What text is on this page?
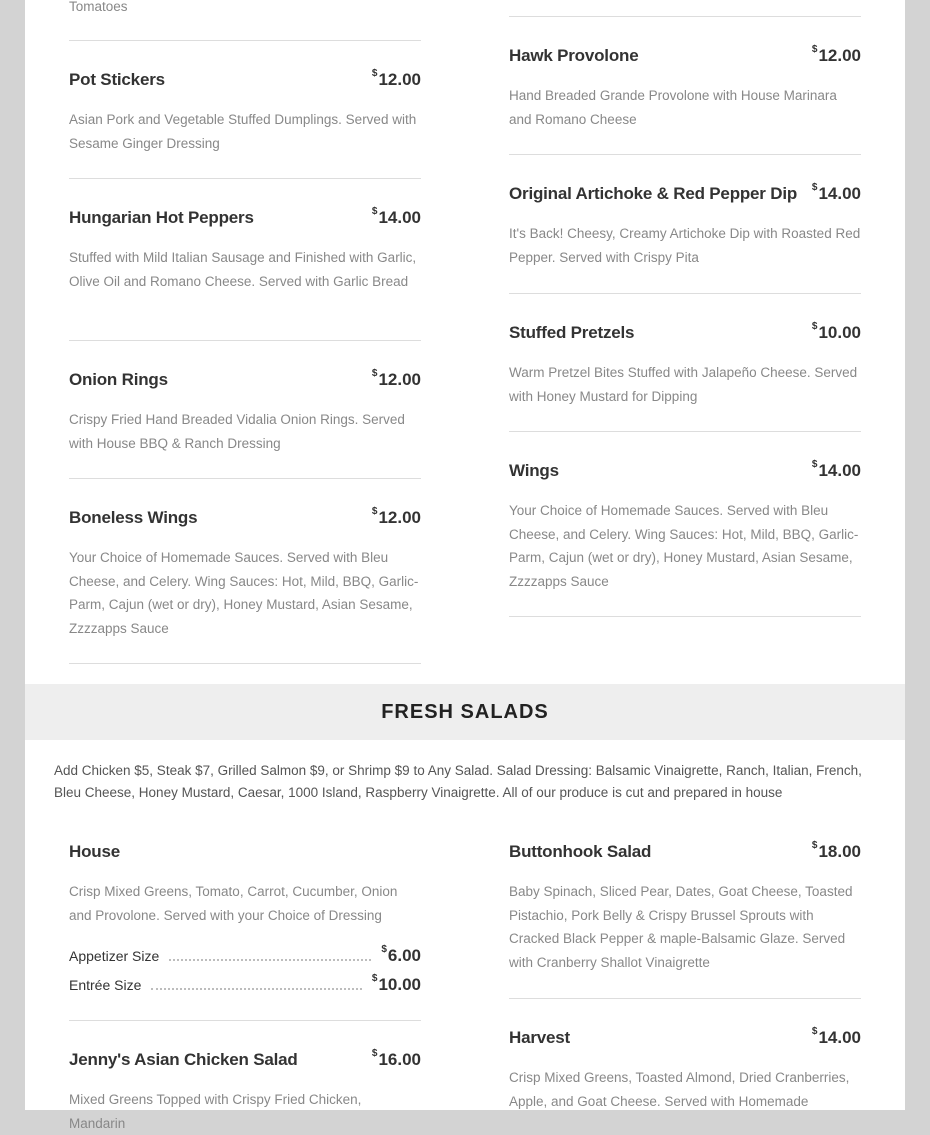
Tomatoes
Pot Stickers	$12.00

Asian Pork and Vegetable Stuffed Dumplings. Served with Sesame Ginger Dressing

Hungarian Hot Peppers	$14.00

Stuffed with Mild Italian Sausage and Finished with Garlic, Olive Oil and Romano Cheese. Served with Garlic Bread

Onion Rings	$12.00

Crispy Fried Hand Breaded Vidalia Onion Rings. Served with House BBQ & Ranch Dressing

Boneless Wings	$12.00

Your Choice of Homemade Sauces. Served with Bleu Cheese, and Celery. Wing Sauces: Hot, Mild, BBQ, Garlic-Parm, Cajun (wet or dry), Honey Mustard, Asian Sesame, Zzzzapps Sauce

Hawk Provolone	$12.00

Hand Breaded Grande Provolone with House Marinara and Romano Cheese

Original Artichoke & Red Pepper Dip $14.00

It's Back! Cheesy, Creamy Artichoke Dip with Roasted Red Pepper. Served with Crispy Pita

Stuffed Pretzels	$10.00

Warm Pretzel Bites Stuffed with Jalapeño Cheese. Served with Honey Mustard for Dipping

Wings	$14.00

Your Choice of Homemade Sauces. Served with Bleu Cheese, and Celery. Wing Sauces: Hot, Mild, BBQ, Garlic-Parm, Cajun (wet or dry), Honey Mustard, Asian Sesame, Zzzzapps Sauce

FRESH SALADS
Add Chicken $5, Steak $7, Grilled Salmon $9, or Shrimp $9 to Any Salad. Salad Dressing: Balsamic Vinaigrette, Ranch, Italian, French, Bleu Cheese, Honey Mustard, Caesar, 1000 Island, Raspberry Vinaigrette. All of our produce is cut and prepared in house
House

Crisp Mixed Greens, Tomato, Carrot, Cucumber, Onion and Provolone. Served with your Choice of Dressing

Appetizer Size	$6.00
Entrée Size	$10.00
Jenny's Asian Chicken Salad	$16.00

Mixed Greens Topped with Crispy Fried Chicken, Mandarin

Buttonhook Salad	$18.00

Baby Spinach, Sliced Pear, Dates, Goat Cheese, Toasted Pistachio, Pork Belly & Crispy Brussel Sprouts with Cracked Black Pepper & maple-Balsamic Glaze. Served with Cranberry Shallot Vinaigrette

Harvest	$14.00

Crisp Mixed Greens, Toasted Almond, Dried Cranberries, Apple, and Goat Cheese. Served with Homemade
